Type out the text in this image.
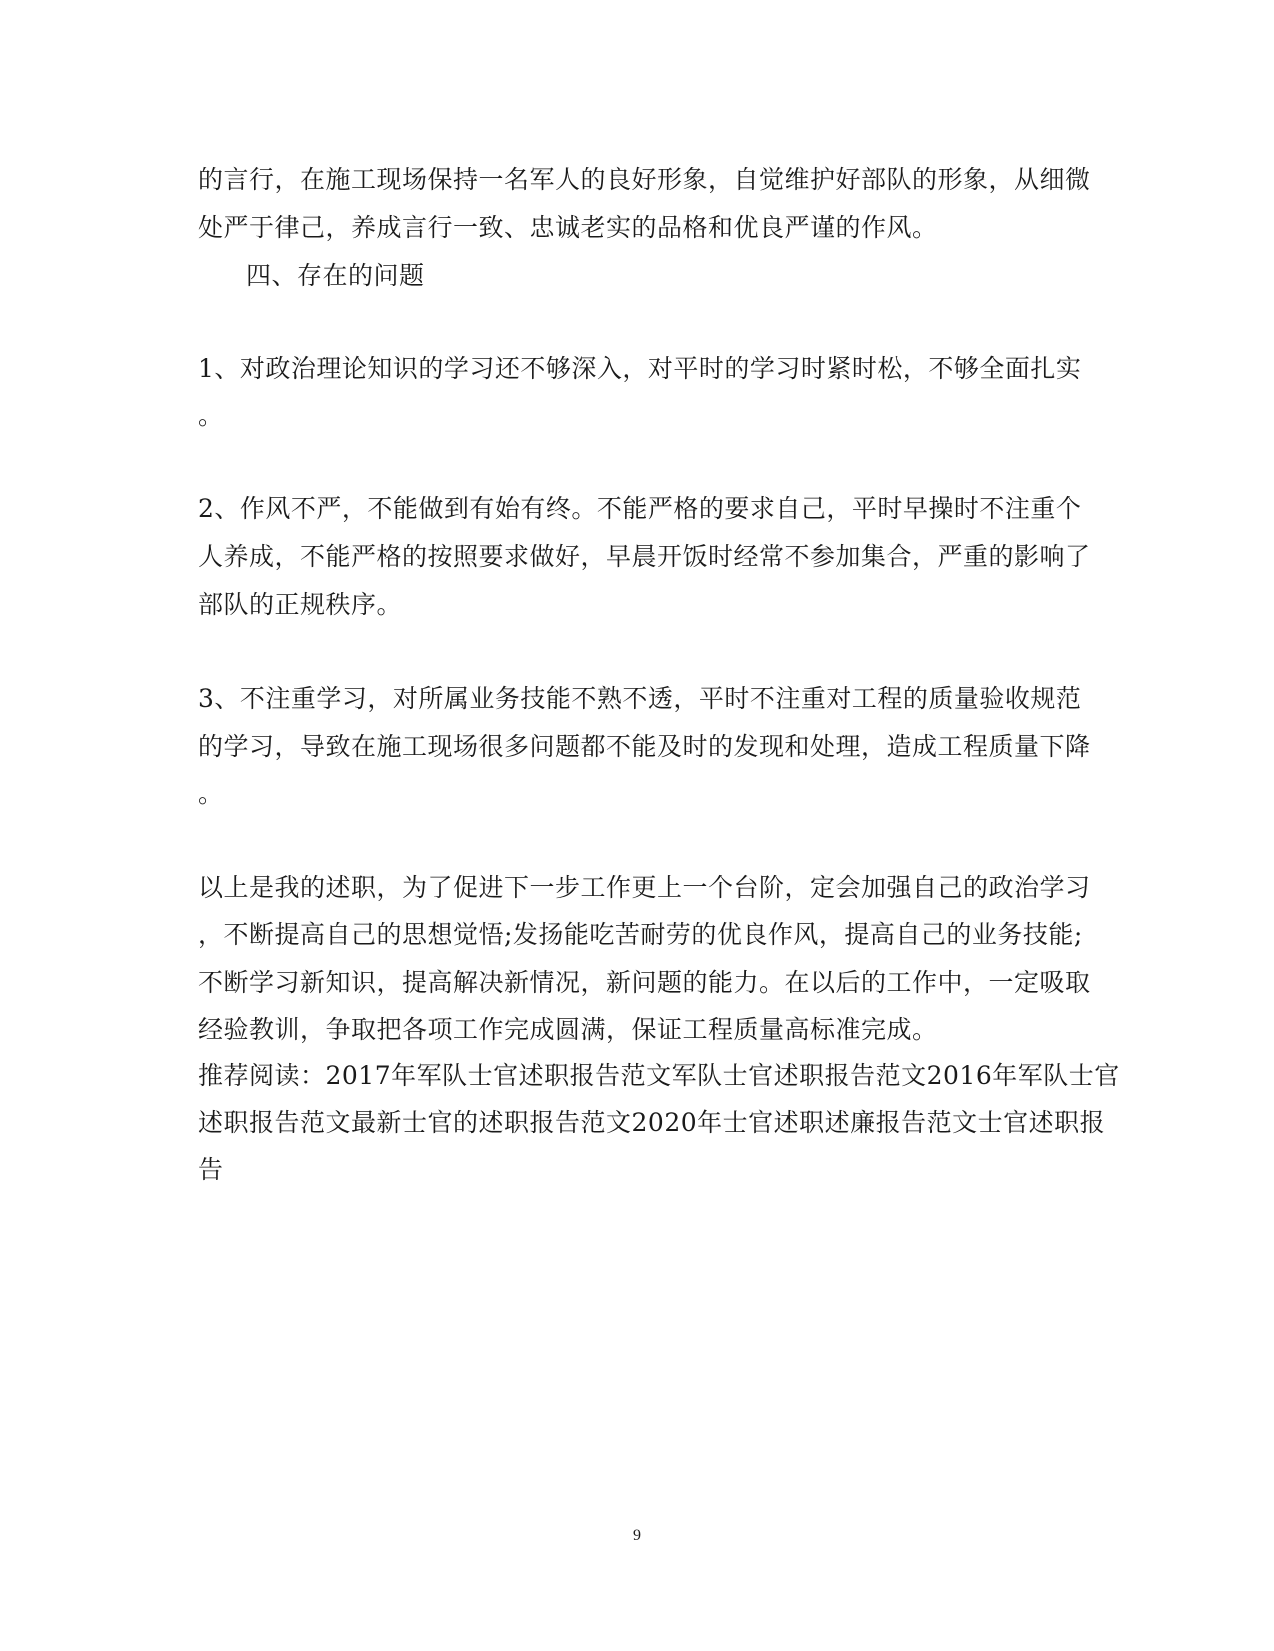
的言行，在施工现场保持一名军人的良好形象，自觉维护好部队的形象，从细微
处严于律己，养成言行一致、忠诚老实的品格和优良严谨的作风。
四、存在的问题
1、对政治理论知识的学习还不够深入，对平时的学习时紧时松，不够全面扎实
。
2、作风不严，不能做到有始有终。不能严格的要求自己，平时早操时不注重个
人养成，不能严格的按照要求做好，早晨开饭时经常不参加集合，严重的影响了
部队的正规秩序。
3、不注重学习，对所属业务技能不熟不透，平时不注重对工程的质量验收规范
的学习，导致在施工现场很多问题都不能及时的发现和处理，造成工程质量下降
。
以上是我的述职，为了促进下一步工作更上一个台阶，定会加强自己的政治学习
，不断提高自己的思想觉悟;发扬能吃苦耐劳的优良作风，提高自己的业务技能;
不断学习新知识，提高解决新情况，新问题的能力。在以后的工作中，一定吸取
经验教训，争取把各项工作完成圆满，保证工程质量高标准完成。
推荐阅读：2017年军队士官述职报告范文军队士官述职报告范文2016年军队士官
述职报告范文最新士官的述职报告范文2020年士官述职述廉报告范文士官述职报
告
9
